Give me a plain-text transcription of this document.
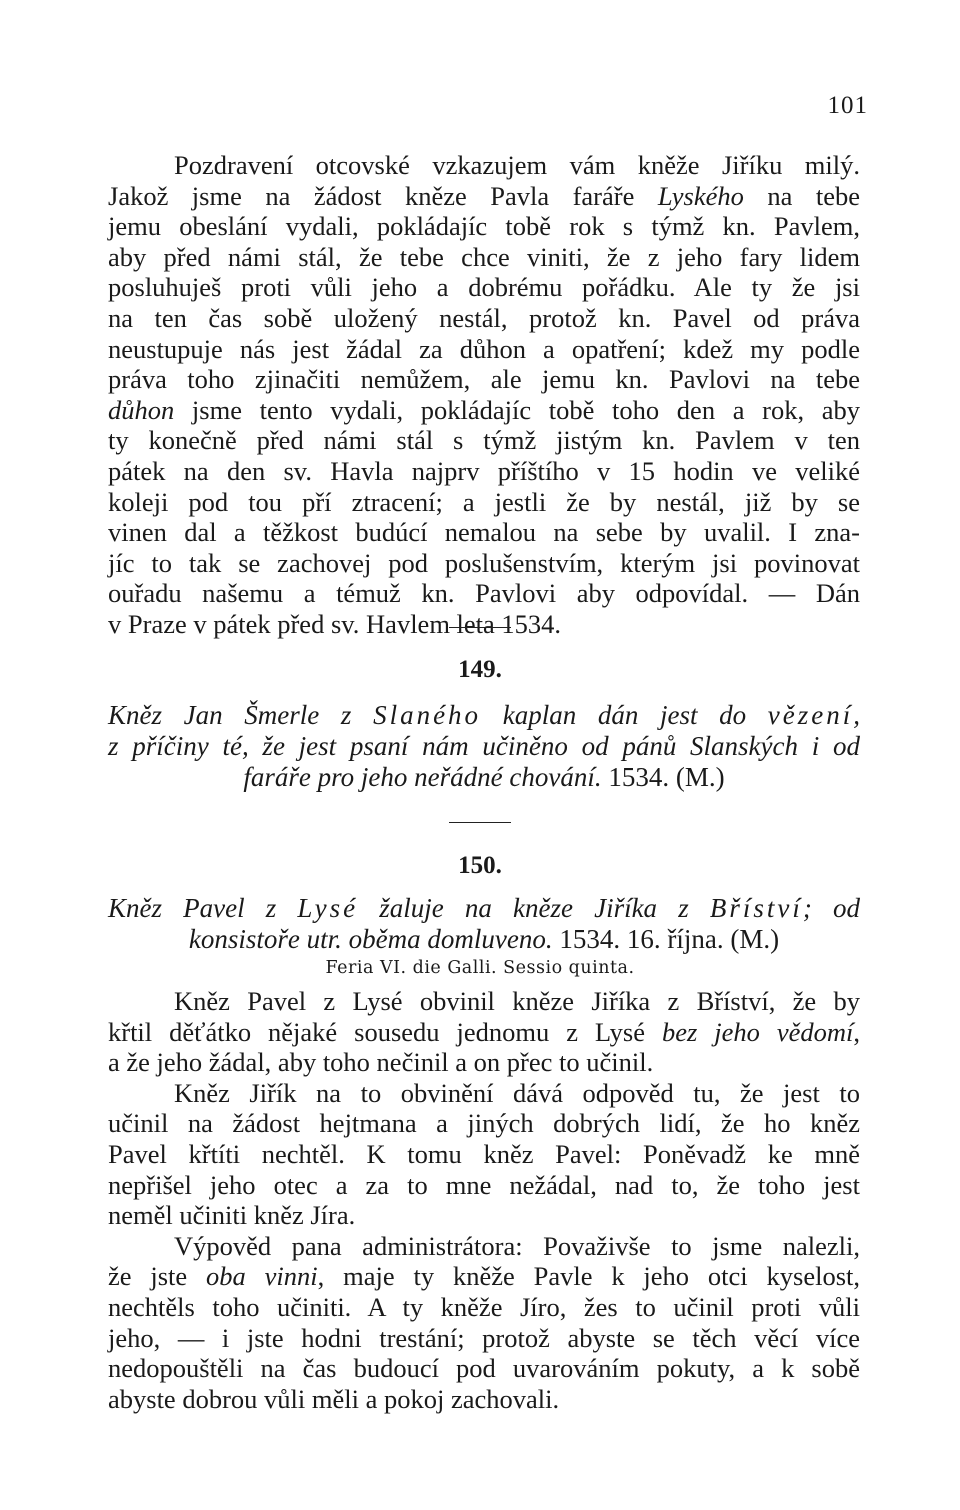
101
Pozdravení otcovské vzkazujem vám kněže Jiříku milý.
Jakož jsme na žádost kněze Pavla faráře Lyského na tebe
jemu obeslání vydali, pokládajíc tobě rok s týmž kn. Pavlem,
aby před námi stál, že tebe chce viniti, že z jeho fary lidem
posluhuješ proti vůli jeho a dobrému pořádku. Ale ty že jsi
na ten čas sobě uložený nestál, protož kn. Pavel od práva
neustupuje nás jest žádal za důhon a opatření; kdež my podle
práva toho zjinačiti nemůžem, ale jemu kn. Pavlovi na tebe
důhon jsme tento vydali, pokládajíc tobě toho den a rok, aby
ty konečně před námi stál s týmž jistým kn. Pavlem v ten
pátek na den sv. Havla najprv příštího v 15 hodin ve veliké
koleji pod tou pří ztracení; a jestli že by nestál, již by se
vinen dal a těžkost budúcí nemalou na sebe by uvalil. I zna-
jíc to tak se zachovej pod poslušenstvím, kterým jsi povinovat
ouřadu našemu a témuž kn. Pavlovi aby odpovídal. — Dán
v Praze v pátek před sv. Havlem leta 1534.
149.
Kněz Jan Šmerle z Slaného kaplan dán jest do vězení,
z příčiny té, že jest psaní nám učiněno od pánů Slanských i od
faráře pro jeho neřádné chování. 1534. (M.)
150.
Kněz Pavel z Lysé žaluje na kněze Jiříka z Bříství; od
konsistoře utr. oběma domluveno. 1534. 16. října. (M.)
Feria VI. die Galli. Sessio quinta.
Kněz Pavel z Lysé obvinil kněze Jiříka z Bříství, že by
křtil děťátko nějaké sousedu jednomu z Lysé bez jeho vědomí,
a že jeho žádal, aby toho nečinil a on přec to učinil.
Kněz Jiřík na to obvinění dává odpověd tu, že jest to
učinil na žádost hejtmana a jiných dobrých lidí, že ho kněz
Pavel křtíti nechtěl. K tomu kněz Pavel: Poněvadž ke mně
nepřišel jeho otec a za to mne nežádal, nad to, že toho jest
neměl učiniti kněz Jíra.
Výpověd pana administrátora: Považivše to jsme nalezli,
že jste oba vinni, maje ty kněže Pavle k jeho otci kyselost,
nechtěls toho učiniti. A ty kněže Jíro, žes to učinil proti vůli
jeho, — i jste hodni trestání; protož abyste se těch věcí více
nedopouštěli na čas budoucí pod uvarováním pokuty, a k sobě
abyste dobrou vůli měli a pokoj zachovali.
